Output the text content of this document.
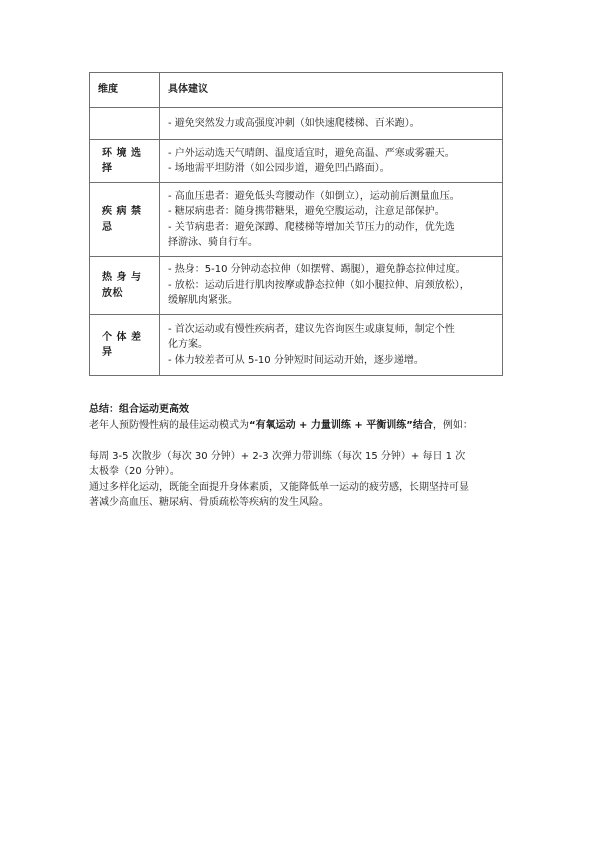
维度	具体建议

	- 避免突然发力或高强度冲刺（如快速爬楼梯、百米跑）。

环 境 选
择	- 户外运动选天气晴朗、温度适宜时，避免高温、严寒或雾霾天。
- 场地需平坦防滑（如公园步道，避免凹凸路面）。

疾 病 禁
忌	- 高血压患者：避免低头弯腰动作（如倒立），运动前后测量血压。
- 糖尿病患者：随身携带糖果，避免空腹运动，注意足部保护。
- 关节病患者：避免深蹲、爬楼梯等增加关节压力的动作，优先选
择游泳、骑自行车。

热 身 与
放松	- 热身：5-10 分钟动态拉伸（如摆臂、踢腿），避免静态拉伸过度。
- 放松：运动后进行肌肉按摩或静态拉伸（如小腿拉伸、肩颈放松），
缓解肌肉紧张。

个 体 差
异	- 首次运动或有慢性疾病者，建议先咨询医生或康复师，制定个性
化方案。
- 体力较差者可从 5-10 分钟短时间运动开始，逐步递增。
总结：组合运动更高效
老年人预防慢性病的最佳运动模式为“有氧运动 + 力量训练 + 平衡训练”结合，例如：
每周 3-5 次散步（每次 30 分钟）+ 2-3 次弹力带训练（每次 15 分钟）+ 每日 1 次
太极拳（20 分钟）。
通过多样化运动，既能全面提升身体素质，又能降低单一运动的疲劳感，长期坚持可显
著减少高血压、糖尿病、骨质疏松等疾病的发生风险。
